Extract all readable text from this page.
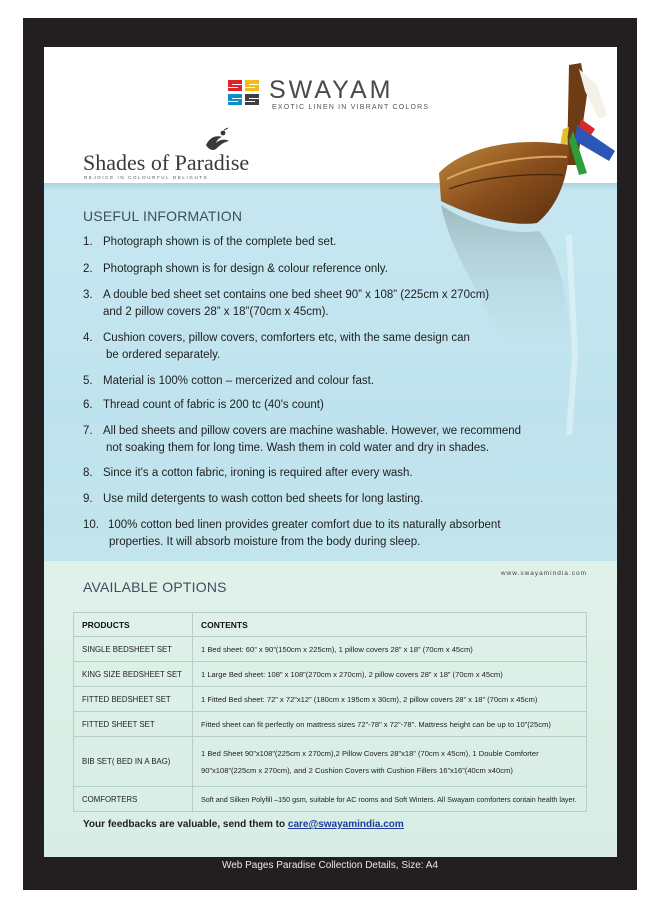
SWAYAM
EXOTIC LINEN IN VIBRANT COLORS
Shades of Paradise
REJOICE IN COLOURFUL DELIGHTS
USEFUL INFORMATION
1. Photograph shown is of the complete bed set.
2. Photograph shown is for design & colour reference only.
3. A double bed sheet set contains one bed sheet 90” x 108” (225cm x 270cm)
and 2 pillow covers 28” x 18”(70cm x 45cm).
4. Cushion covers, pillow covers, comforters etc, with the same design can
be ordered separately.
5. Material is 100% cotton – mercerized and colour fast.
6. Thread count of fabric is 200 tc (40's count)
7. All bed sheets and pillow covers are machine washable. However, we recommend
not soaking them for long time. Wash them in cold water and dry in shades.
8. Since it's a cotton fabric, ironing is required after every wash.
9. Use mild detergents to wash cotton bed sheets for long lasting.
10. 100% cotton bed linen provides greater comfort due to its naturally absorbent
properties. It will absorb moisture from the body during sleep.
www.swayamindia.com
AVAILABLE OPTIONS
PRODUCTS	CONTENTS
SINGLE BEDSHEET SET	1 Bed sheet: 60” x 90”(150cm x 225cm), 1 pillow covers 28” x 18” (70cm x 45cm)
KING SIZE BEDSHEET SET	1 Large Bed sheet: 108” x 108”(270cm x 270cm), 2 pillow covers 28” x 18” (70cm x 45cm)
FITTED BEDSHEET SET	1 Fitted Bed sheet: 72” x 72”x12” (180cm x 195cm x 30cm), 2 pillow covers 28” x 18” (70cm x 45cm)
FITTED SHEET SET	Fitted sheet can fit perfectly on mattress sizes 72”-78” x 72”-78”. Mattress height can be up to 10”(25cm)
BIB SET( BED IN A BAG)	1 Bed Sheet 90”x108”(225cm x 270cm),2 Pillow Covers 28”x18” (70cm x 45cm), 1 Double Comforter
90”x108”(225cm x 270cm), and 2 Cushion Covers with Cushion Fillers 16”x16”(40cm x40cm)

COMFORTERS	Soft and Silken Polyfill –150 gsm, suitable for AC rooms and Soft Winters. All Swayam comforters contain health layer.
Your feedbacks are valuable, send them to care@swayamindia.com
Web Pages Paradise Collection Details, Size: A4
